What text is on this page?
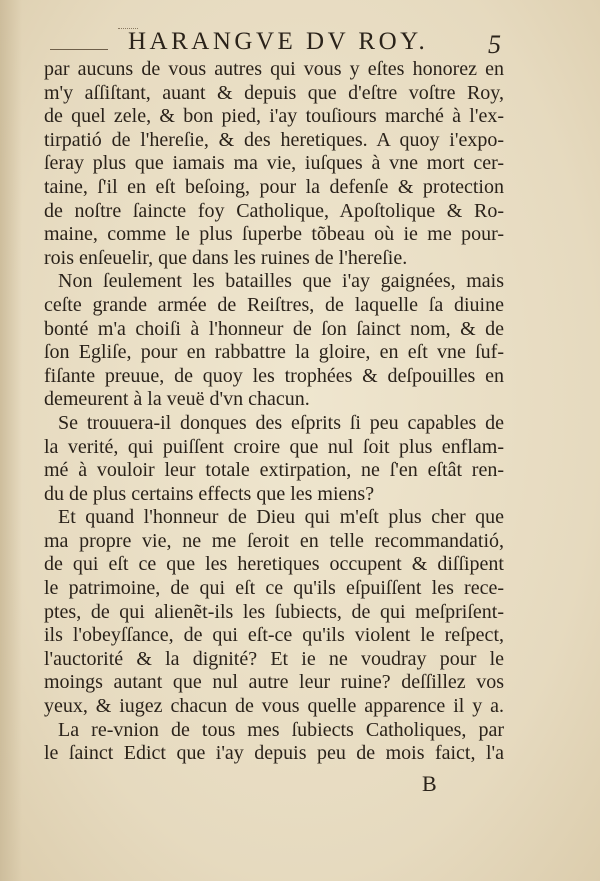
HARANGVE DV ROY. 5
par aucuns de vous autres qui vous y eſtes honorez en
m'y aſſiſtant, auant & depuis que d'eſtre voſtre Roy,
de quel zele, & bon pied, i'ay touſiours marché à l'ex-
tirpatió de l'hereſie, & des heretiques. A quoy i'expo-
ſeray plus que iamais ma vie, iuſques à vne mort cer-
taine, ſ'il en eſt beſoing, pour la defenſe & protection
de noſtre ſaincte foy Catholique, Apoſtolique & Ro-
maine, comme le plus ſuperbe tõbeau où ie me pour-
rois enſeuelir, que dans les ruines de l'hereſie.
Non ſeulement les batailles que i'ay gaignées, mais
ceſte grande armée de Reiſtres, de laquelle ſa diuine
bonté m'a choiſi à l'honneur de ſon ſainct nom, & de
ſon Egliſe, pour en rabbattre la gloire, en eſt vne ſuf-
fiſante preuue, de quoy les trophées & deſpouilles en
demeurent à la veuë d'vn chacun.
Se trouuera-il donques des eſprits ſi peu capables de
la verité, qui puiſſent croire que nul ſoit plus enflam-
mé à vouloir leur totale extirpation, ne ſ'en eſtât ren-
du de plus certains effects que les miens?
Et quand l'honneur de Dieu qui m'eſt plus cher que
ma propre vie, ne me ſeroit en telle recommandatió,
de qui eſt ce que les heretiques occupent & diſſipent
le patrimoine, de qui eſt ce qu'ils eſpuiſſent les rece-
ptes, de qui alienẽt-ils les ſubiects, de qui meſpriſent-
ils l'obeyſſance, de qui eſt-ce qu'ils violent le reſpect,
l'auctorité & la dignité? Et ie ne voudray pour le
moings autant que nul autre leur ruine? deſſillez vos
yeux, & iugez chacun de vous quelle apparence il y a.
La re-vnion de tous mes ſubiects Catholiques, par
le ſainct Edict que i'ay depuis peu de mois faict, l'a
B
